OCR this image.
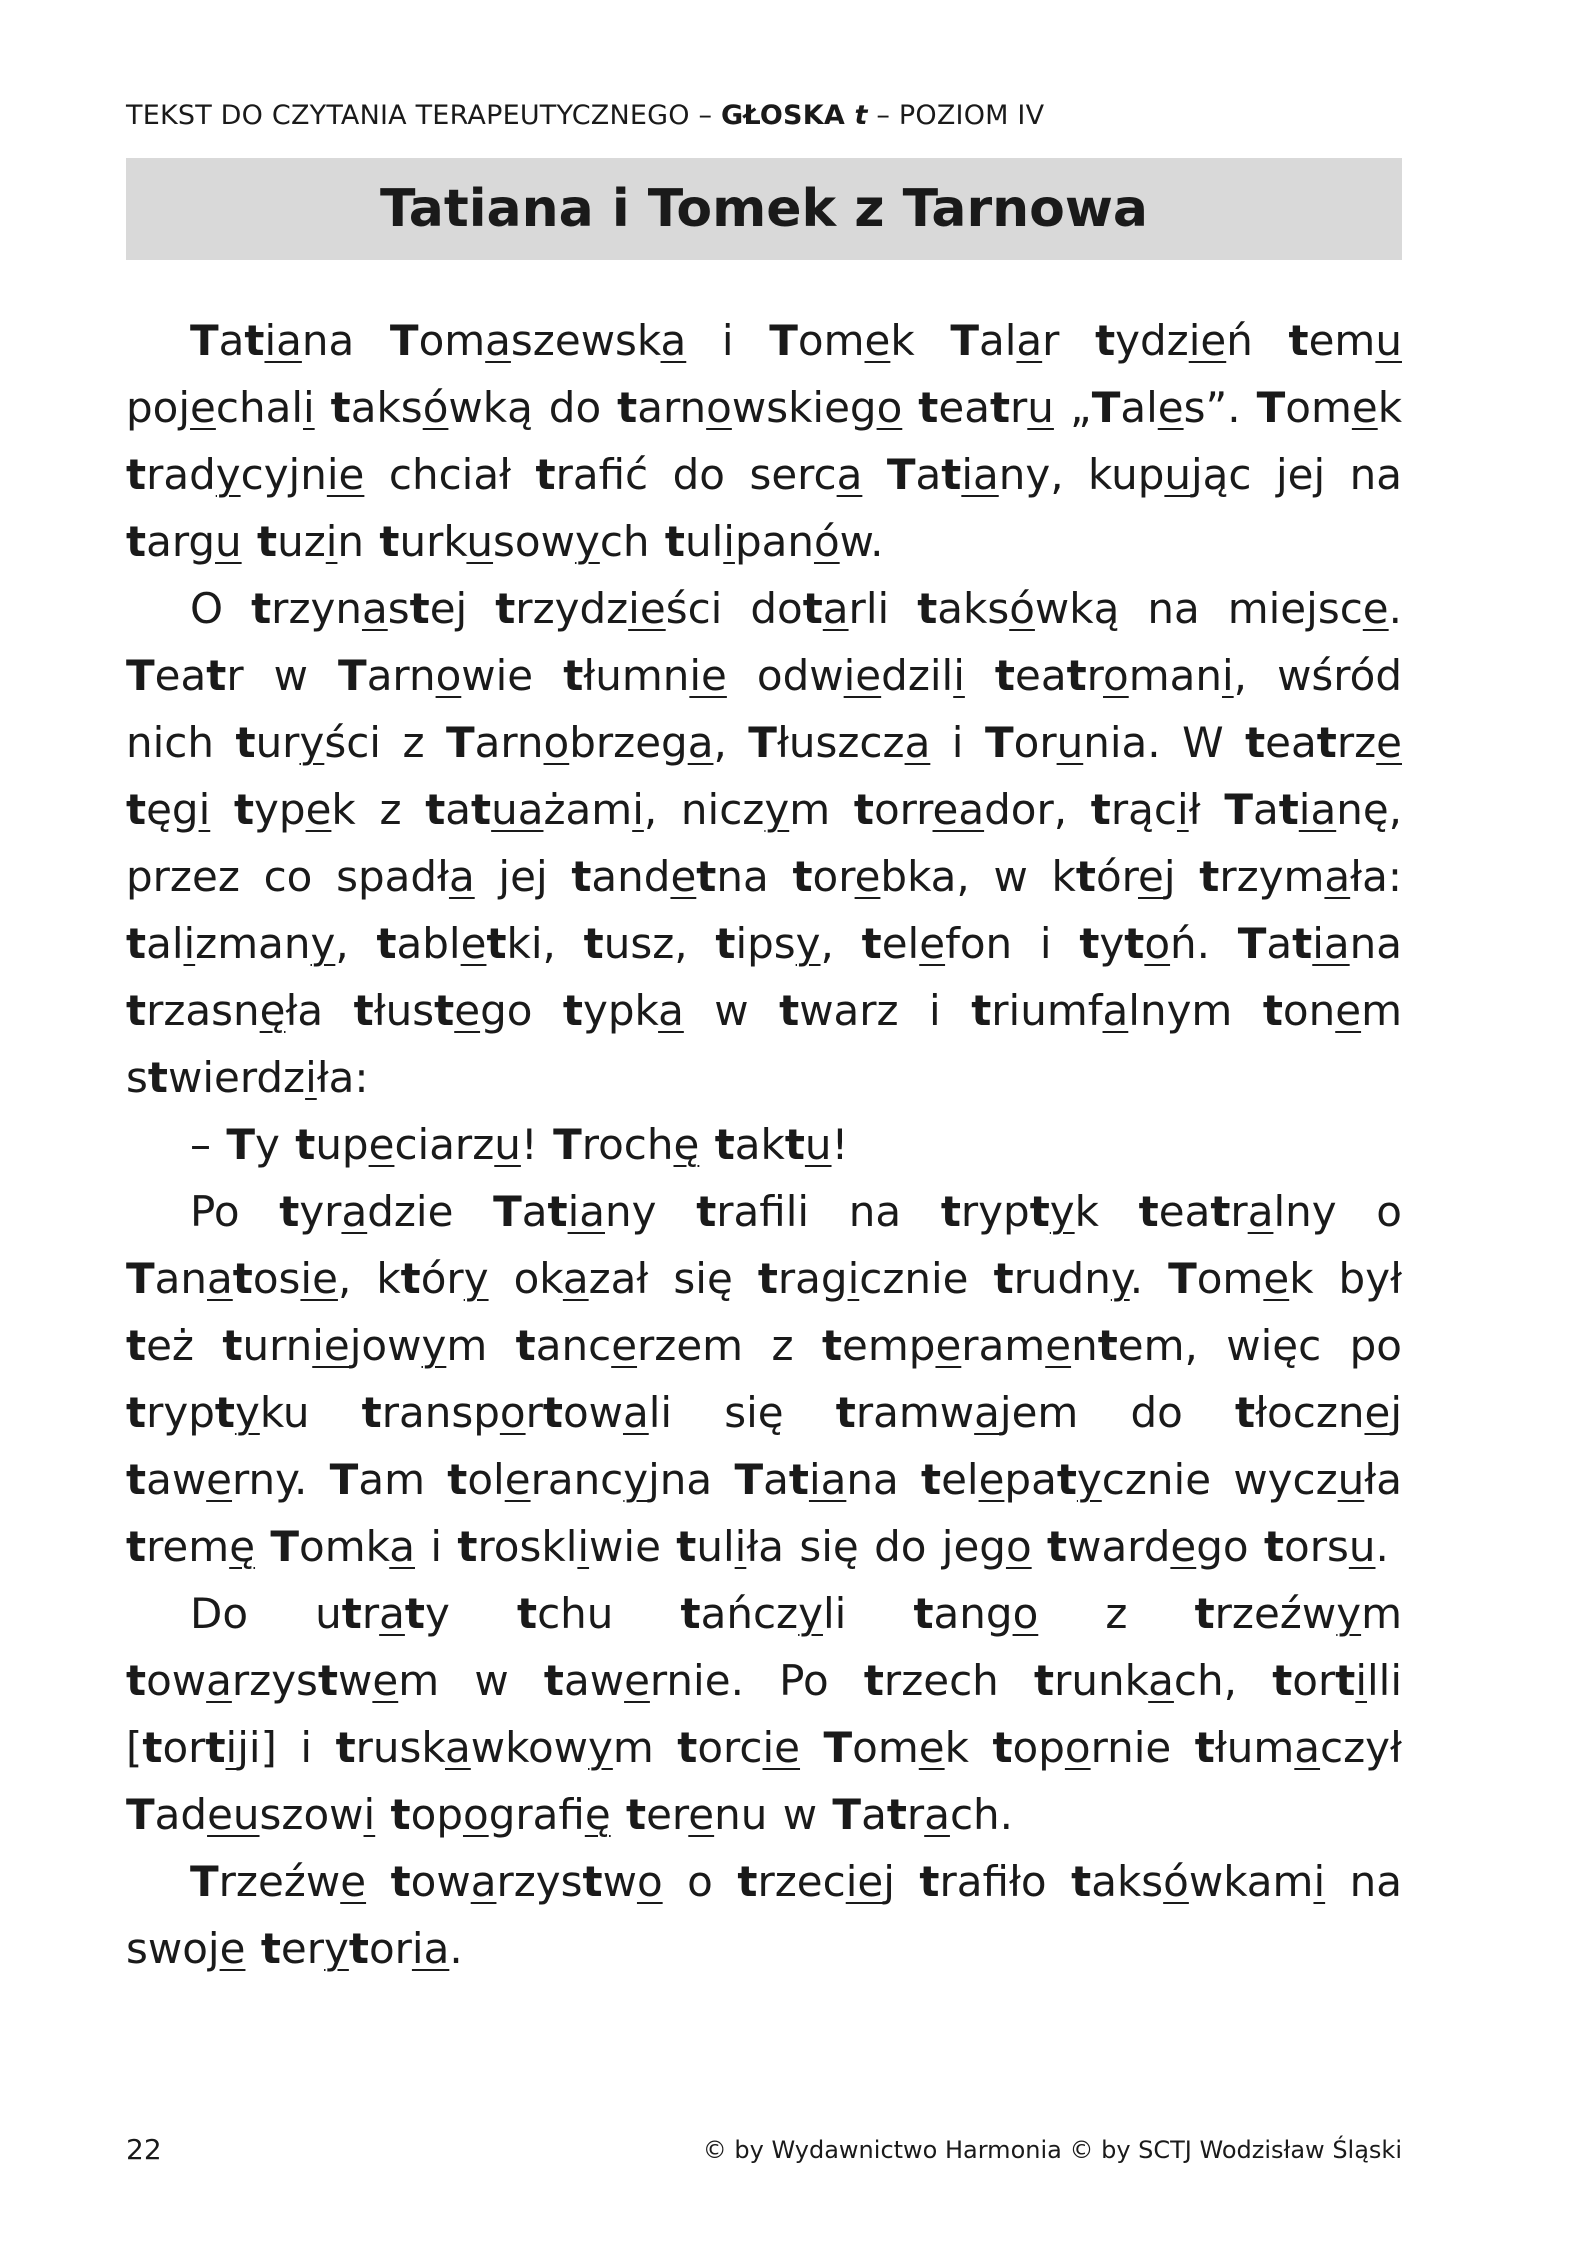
TEKST DO CZYTANIA TERAPEUTYCZNEGO – GŁOSKA t – POZIOM IV
Tatiana i Tomek z Tarnowa

Tatiana Tomaszewska i Tomek Talar tydzień temu pojechali taksówką do tarnowskiego teatru „Tales”. Tomek tradycyjnie chciał trafć do serca Tatiany, kupując jej na targu tuzin turkusowych tulipanów.

O trzynastej trzydzieści dotarli taksówką na miejsce. Teatr w Tarnowie tłumnie odwiedzili teatromani, wśród nich turyści z Tarnobrzega, Tłuszcza i Torunia. W teatrze tęgi typek z tatuażami, niczym torreador, trącił Tatianę, przez co spadła jej tandetna torebka, w której trzymała: talizmany, tabletki, tusz, tipsy, telefon i tytoń. Tatiana trzasnęła tłustego typka w twarz i triumfalnym tonem stwierdziła:

– Ty tupeciarzu! Trochę taktu!

Po tyradzie Tatiany trafli na tryptyk teatralny o Tanatosie, który okazał się tragicznie trudny. Tomek był też turniejowym tancerzem z temperamentem, więc po tryptyku transportowali się tramwajem do tłocznej tawerny. Tam tolerancyjna Tatiana telepatycznie wyczuła tremę Tomka i troskliwie tuliła się do jego twardego torsu.

Do utraty tchu tańczyli tango z trzeźwym towarzystwem w tawernie. Po trzech trunkach, tortilli [tortiji] i truskawkowym torcie Tomek topornie tłumaczył Tadeuszowi topografię terenu w Tatrach.

Trzeźwe towarzystwo o trzeciej trafło taksówkami na swoje terytoria.

22	© by Wydawnictwo Harmonia © by SCTJ Wodzisław Śląski
